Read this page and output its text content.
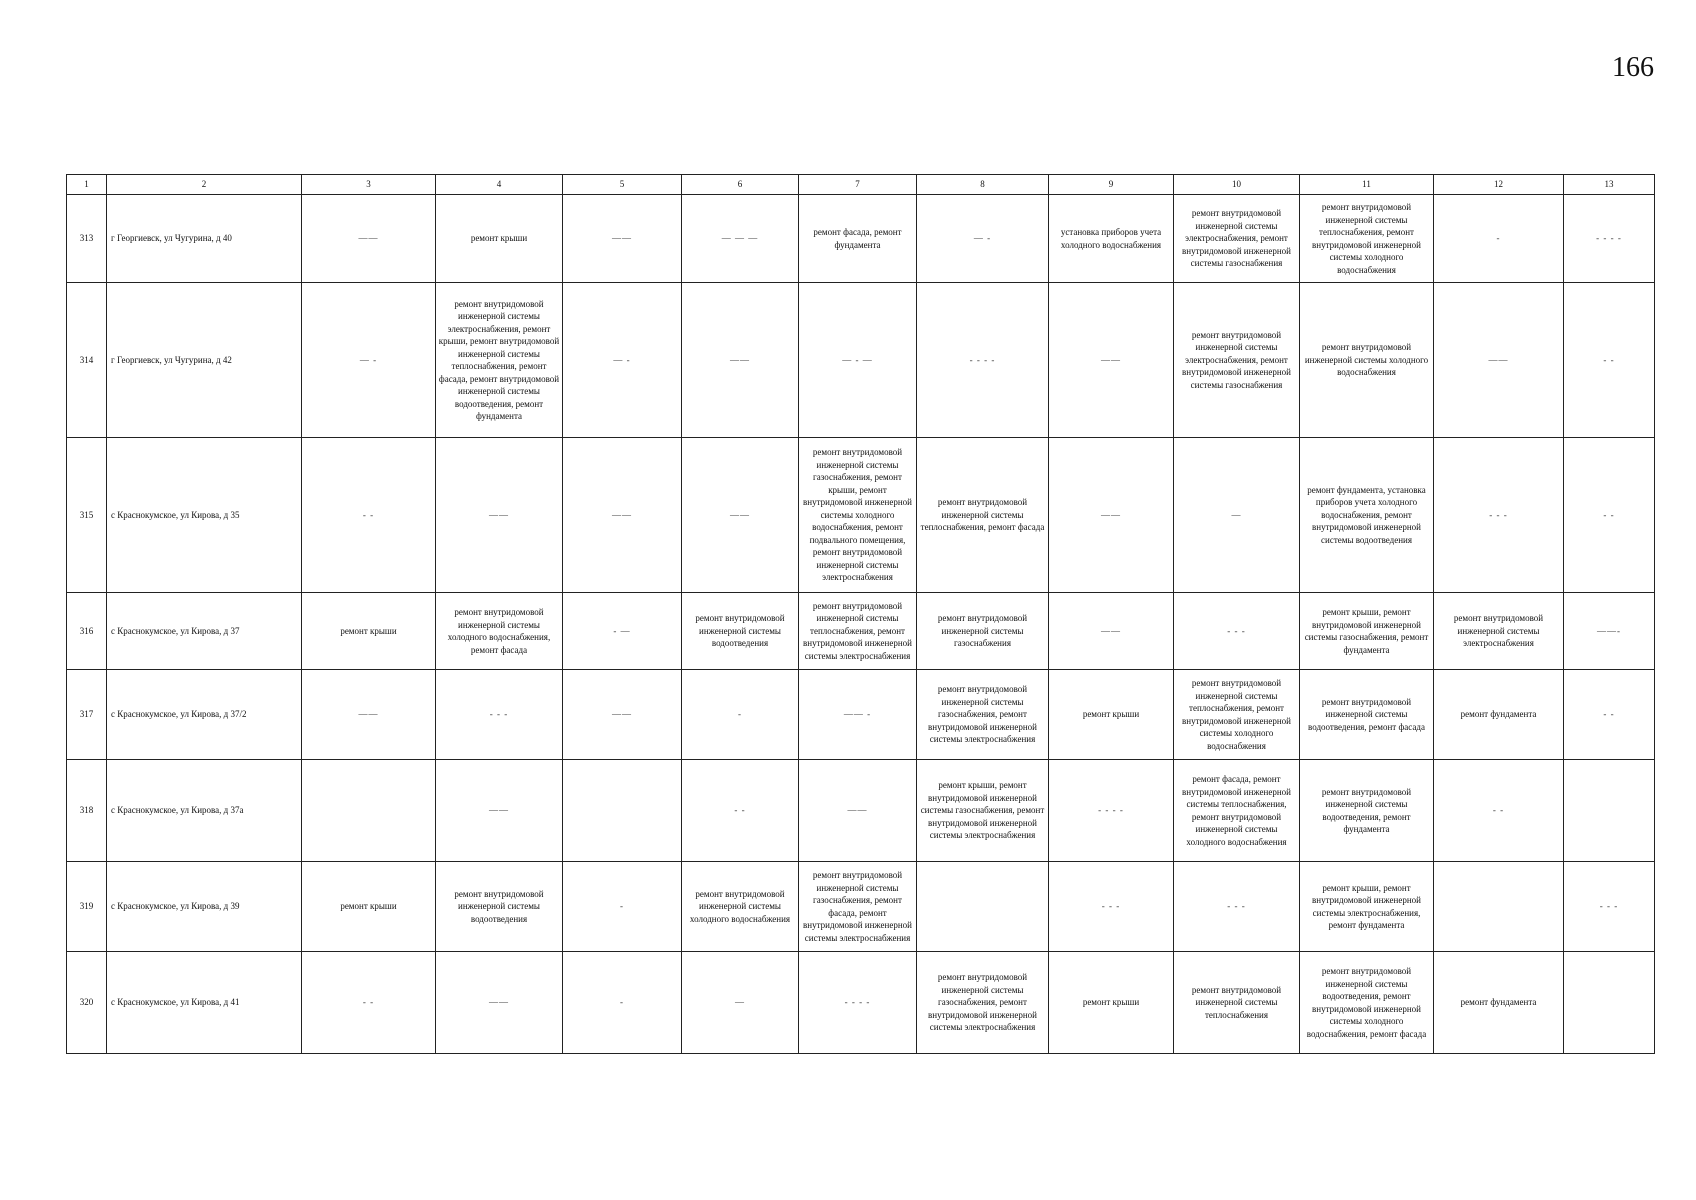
166
1	2	3	4	5	6	7	8	9	10	11	12	13
313	г Георгиевск, ул Чугурина, д 40	——	ремонт крыши	——	— — —	ремонт фасада, ремонт фундамента	— -	установка приборов учета холодного водоснабжения	ремонт внутридомовой инженерной системы электроснабжения, ремонт внутридомовой инженерной системы газоснабжения	ремонт внутридомовой инженерной системы теплоснабжения, ремонт внутридомовой инженерной системы холодного водоснабжения	-	- - - -
314	г Георгиевск, ул Чугурина, д 42	— -	ремонт внутридомовой инженерной системы электроснабжения, ремонт крыши, ремонт внутридомовой инженерной системы теплоснабжения, ремонт фасада, ремонт внутридомовой инженерной системы водоотведения, ремонт фундамента	— -	——	— - —	- - - -	——	ремонт внутридомовой инженерной системы электроснабжения, ремонт внутридомовой инженерной системы газоснабжения	ремонт внутридомовой инженерной системы холодного водоснабжения	——	- -
315	с Краснокумское, ул Кирова, д 35	- -	——	——	——	ремонт внутридомовой инженерной системы газоснабжения, ремонт крыши, ремонт внутридомовой инженерной системы холодного водоснабжения, ремонт подвального помещения, ремонт внутридомовой инженерной системы электроснабжения	ремонт внутридомовой инженерной системы теплоснабжения, ремонт фасада	——	—	ремонт фундамента, установка приборов учета холодного водоснабжения, ремонт внутридомовой инженерной системы водоотведения	- - -	- -
316	с Краснокумское, ул Кирова, д 37	ремонт крыши	ремонт внутридомовой инженерной системы холодного водоснабжения, ремонт фасада	- —	ремонт внутридомовой инженерной системы водоотведения	ремонт внутридомовой инженерной системы теплоснабжения, ремонт внутридомовой инженерной системы электроснабжения	ремонт внутридомовой инженерной системы газоснабжения	——	- - -	ремонт крыши, ремонт внутридомовой инженерной системы газоснабжения, ремонт фундамента	ремонт внутридомовой инженерной системы электроснабжения	——-
317	с Краснокумское, ул Кирова, д 37/2	——	- - -	——	-	—— -	ремонт внутридомовой инженерной системы газоснабжения, ремонт внутридомовой инженерной системы электроснабжения	ремонт крыши	ремонт внутридомовой инженерной системы теплоснабжения, ремонт внутридомовой инженерной системы холодного водоснабжения	ремонт внутридомовой инженерной системы водоотведения, ремонт фасада	ремонт фундамента	- -
318	с Краснокумское, ул Кирова, д 37а		——		- -	——	ремонт крыши, ремонт внутридомовой инженерной системы газоснабжения, ремонт внутридомовой инженерной системы электроснабжения	- - - -	ремонт фасада, ремонт внутридомовой инженерной системы теплоснабжения, ремонт внутридомовой инженерной системы холодного водоснабжения	ремонт внутридомовой инженерной системы водоотведения, ремонт фундамента	- -	
319	с Краснокумское, ул Кирова, д 39	ремонт крыши	ремонт внутридомовой инженерной системы водоотведения	-	ремонт внутридомовой инженерной системы холодного водоснабжения	ремонт внутридомовой инженерной системы газоснабжения, ремонт фасада, ремонт внутридомовой инженерной системы электроснабжения		- - -	- - -	ремонт крыши, ремонт внутридомовой инженерной системы электроснабжения, ремонт фундамента		- - -
320	с Краснокумское, ул Кирова, д 41	- -	——	-	—	- - - -	ремонт внутридомовой инженерной системы газоснабжения, ремонт внутридомовой инженерной системы электроснабжения	ремонт крыши	ремонт внутридомовой инженерной системы теплоснабжения	ремонт внутридомовой инженерной системы водоотведения, ремонт внутридомовой инженерной системы холодного водоснабжения, ремонт фасада	ремонт фундамента	
